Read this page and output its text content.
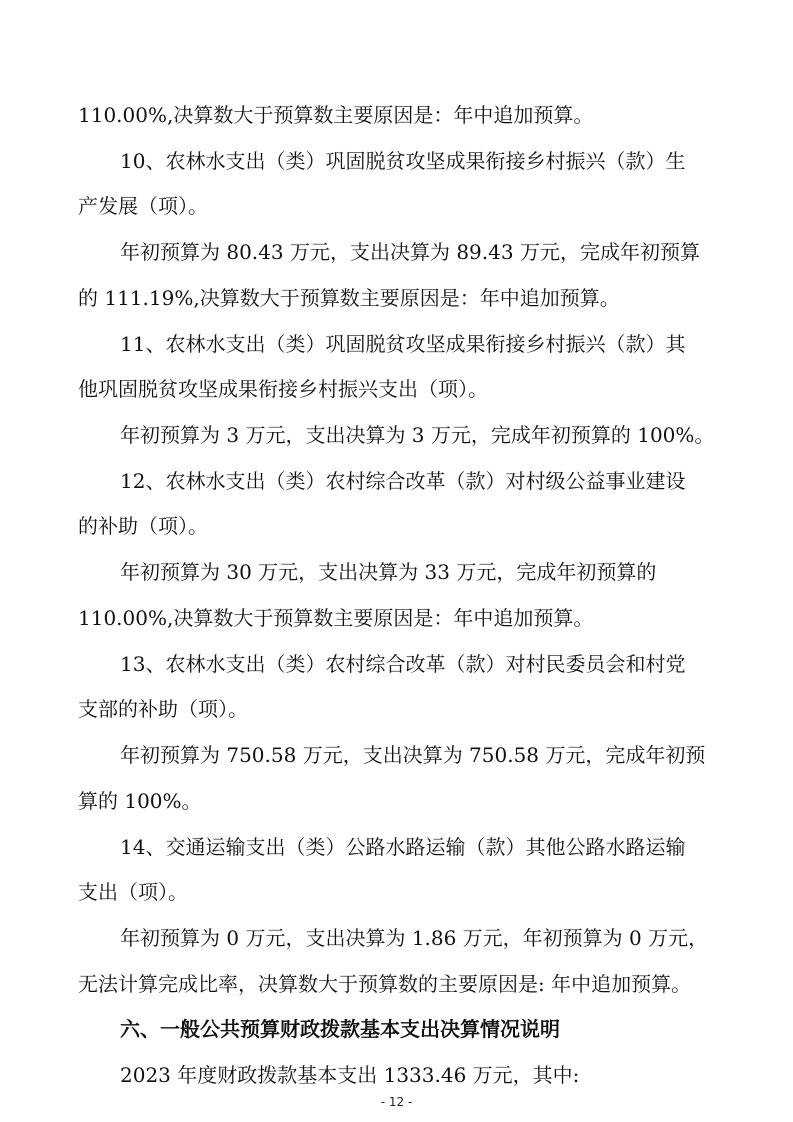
110.00%,决算数大于预算数主要原因是：年中追加预算。
10、农林水支出（类）巩固脱贫攻坚成果衔接乡村振兴（款）生
产发展（项）。
年初预算为 80.43 万元，支出决算为 89.43 万元，完成年初预算
的 111.19%,决算数大于预算数主要原因是：年中追加预算。
11、农林水支出（类）巩固脱贫攻坚成果衔接乡村振兴（款）其
他巩固脱贫攻坚成果衔接乡村振兴支出（项）。
年初预算为 3 万元，支出决算为 3 万元，完成年初预算的 100%。
12、农林水支出（类）农村综合改革（款）对村级公益事业建设
的补助（项）。
年初预算为 30 万元，支出决算为 33 万元，完成年初预算的
110.00%,决算数大于预算数主要原因是：年中追加预算。
13、农林水支出（类）农村综合改革（款）对村民委员会和村党
支部的补助（项）。
年初预算为 750.58 万元，支出决算为 750.58 万元，完成年初预
算的 100%。
14、交通运输支出（类）公路水路运输（款）其他公路水路运输
支出（项）。
年初预算为 0 万元，支出决算为 1.86 万元，年初预算为 0 万元，
无法计算完成比率，决算数大于预算数的主要原因是: 年中追加预算。
六、一般公共预算财政拨款基本支出决算情况说明
2023 年度财政拨款基本支出 1333.46 万元，其中:
- 12 -
